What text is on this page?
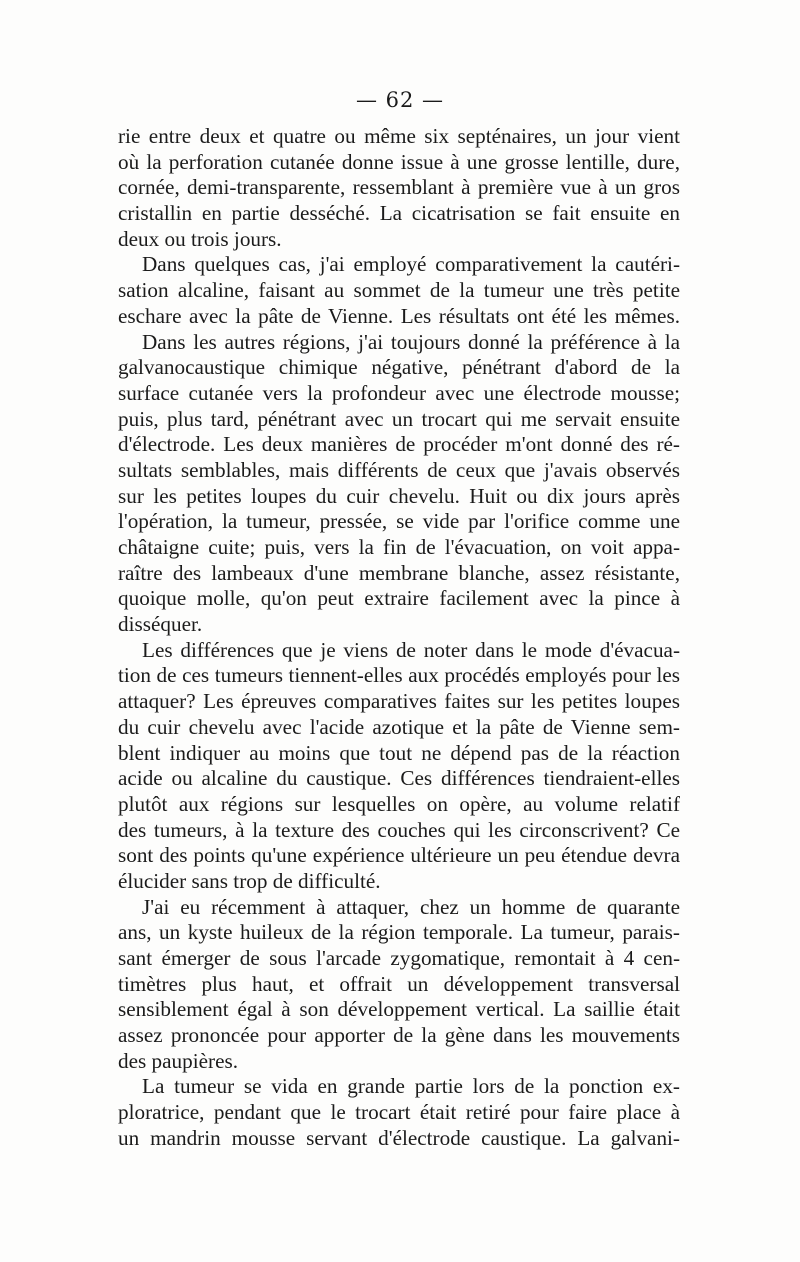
— 62 —
rie entre deux et quatre ou même six septénaires, un jour vient
où la perforation cutanée donne issue à une grosse lentille, dure,
cornée, demi-transparente, ressemblant à première vue à un gros
cristallin en partie desséché. La cicatrisation se fait ensuite en
deux ou trois jours.
Dans quelques cas, j'ai employé comparativement la cautéri-
sation alcaline, faisant au sommet de la tumeur une très petite
eschare avec la pâte de Vienne. Les résultats ont été les mêmes.
Dans les autres régions, j'ai toujours donné la préférence à la
galvanocaustique chimique négative, pénétrant d'abord de la
surface cutanée vers la profondeur avec une électrode mousse;
puis, plus tard, pénétrant avec un trocart qui me servait ensuite
d'électrode. Les deux manières de procéder m'ont donné des ré-
sultats semblables, mais différents de ceux que j'avais observés
sur les petites loupes du cuir chevelu. Huit ou dix jours après
l'opération, la tumeur, pressée, se vide par l'orifice comme une
châtaigne cuite; puis, vers la fin de l'évacuation, on voit appa-
raître des lambeaux d'une membrane blanche, assez résistante,
quoique molle, qu'on peut extraire facilement avec la pince à
disséquer.
Les différences que je viens de noter dans le mode d'évacua-
tion de ces tumeurs tiennent-elles aux procédés employés pour les
attaquer? Les épreuves comparatives faites sur les petites loupes
du cuir chevelu avec l'acide azotique et la pâte de Vienne sem-
blent indiquer au moins que tout ne dépend pas de la réaction
acide ou alcaline du caustique. Ces différences tiendraient-elles
plutôt aux régions sur lesquelles on opère, au volume relatif
des tumeurs, à la texture des couches qui les circonscrivent? Ce
sont des points qu'une expérience ultérieure un peu étendue devra
élucider sans trop de difficulté.
J'ai eu récemment à attaquer, chez un homme de quarante
ans, un kyste huileux de la région temporale. La tumeur, parais-
sant émerger de sous l'arcade zygomatique, remontait à 4 cen-
timètres plus haut, et offrait un développement transversal
sensiblement égal à son développement vertical. La saillie était
assez prononcée pour apporter de la gène dans les mouvements
des paupières.
La tumeur se vida en grande partie lors de la ponction ex-
ploratrice, pendant que le trocart était retiré pour faire place à
un mandrin mousse servant d'électrode caustique. La galvani-
